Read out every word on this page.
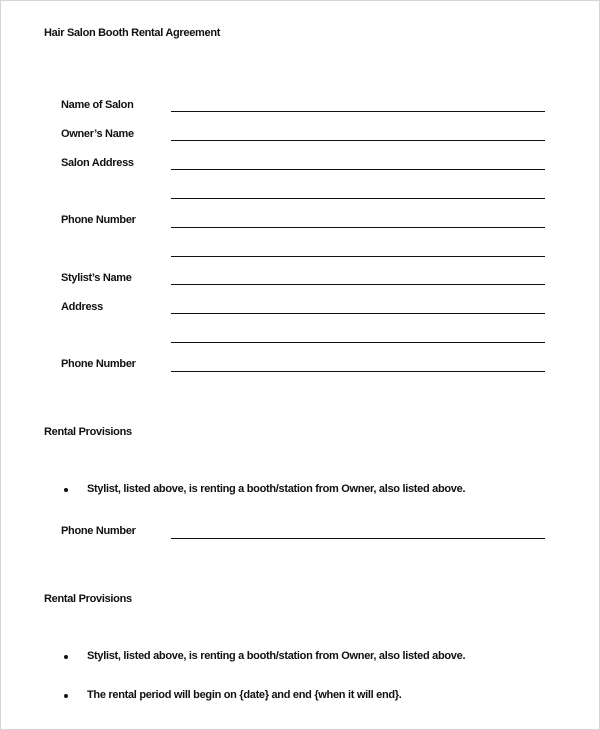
Hair Salon Booth Rental Agreement
Name of Salon
Owner’s Name
Salon Address
Phone Number
Stylist’s Name
Address
Phone Number
Rental Provisions
Stylist, listed above, is renting a booth/station from Owner, also listed above.
Phone Number
Rental Provisions
Stylist, listed above, is renting a booth/station from Owner, also listed above.
The rental period will begin on {date} and end {when it will end}.
